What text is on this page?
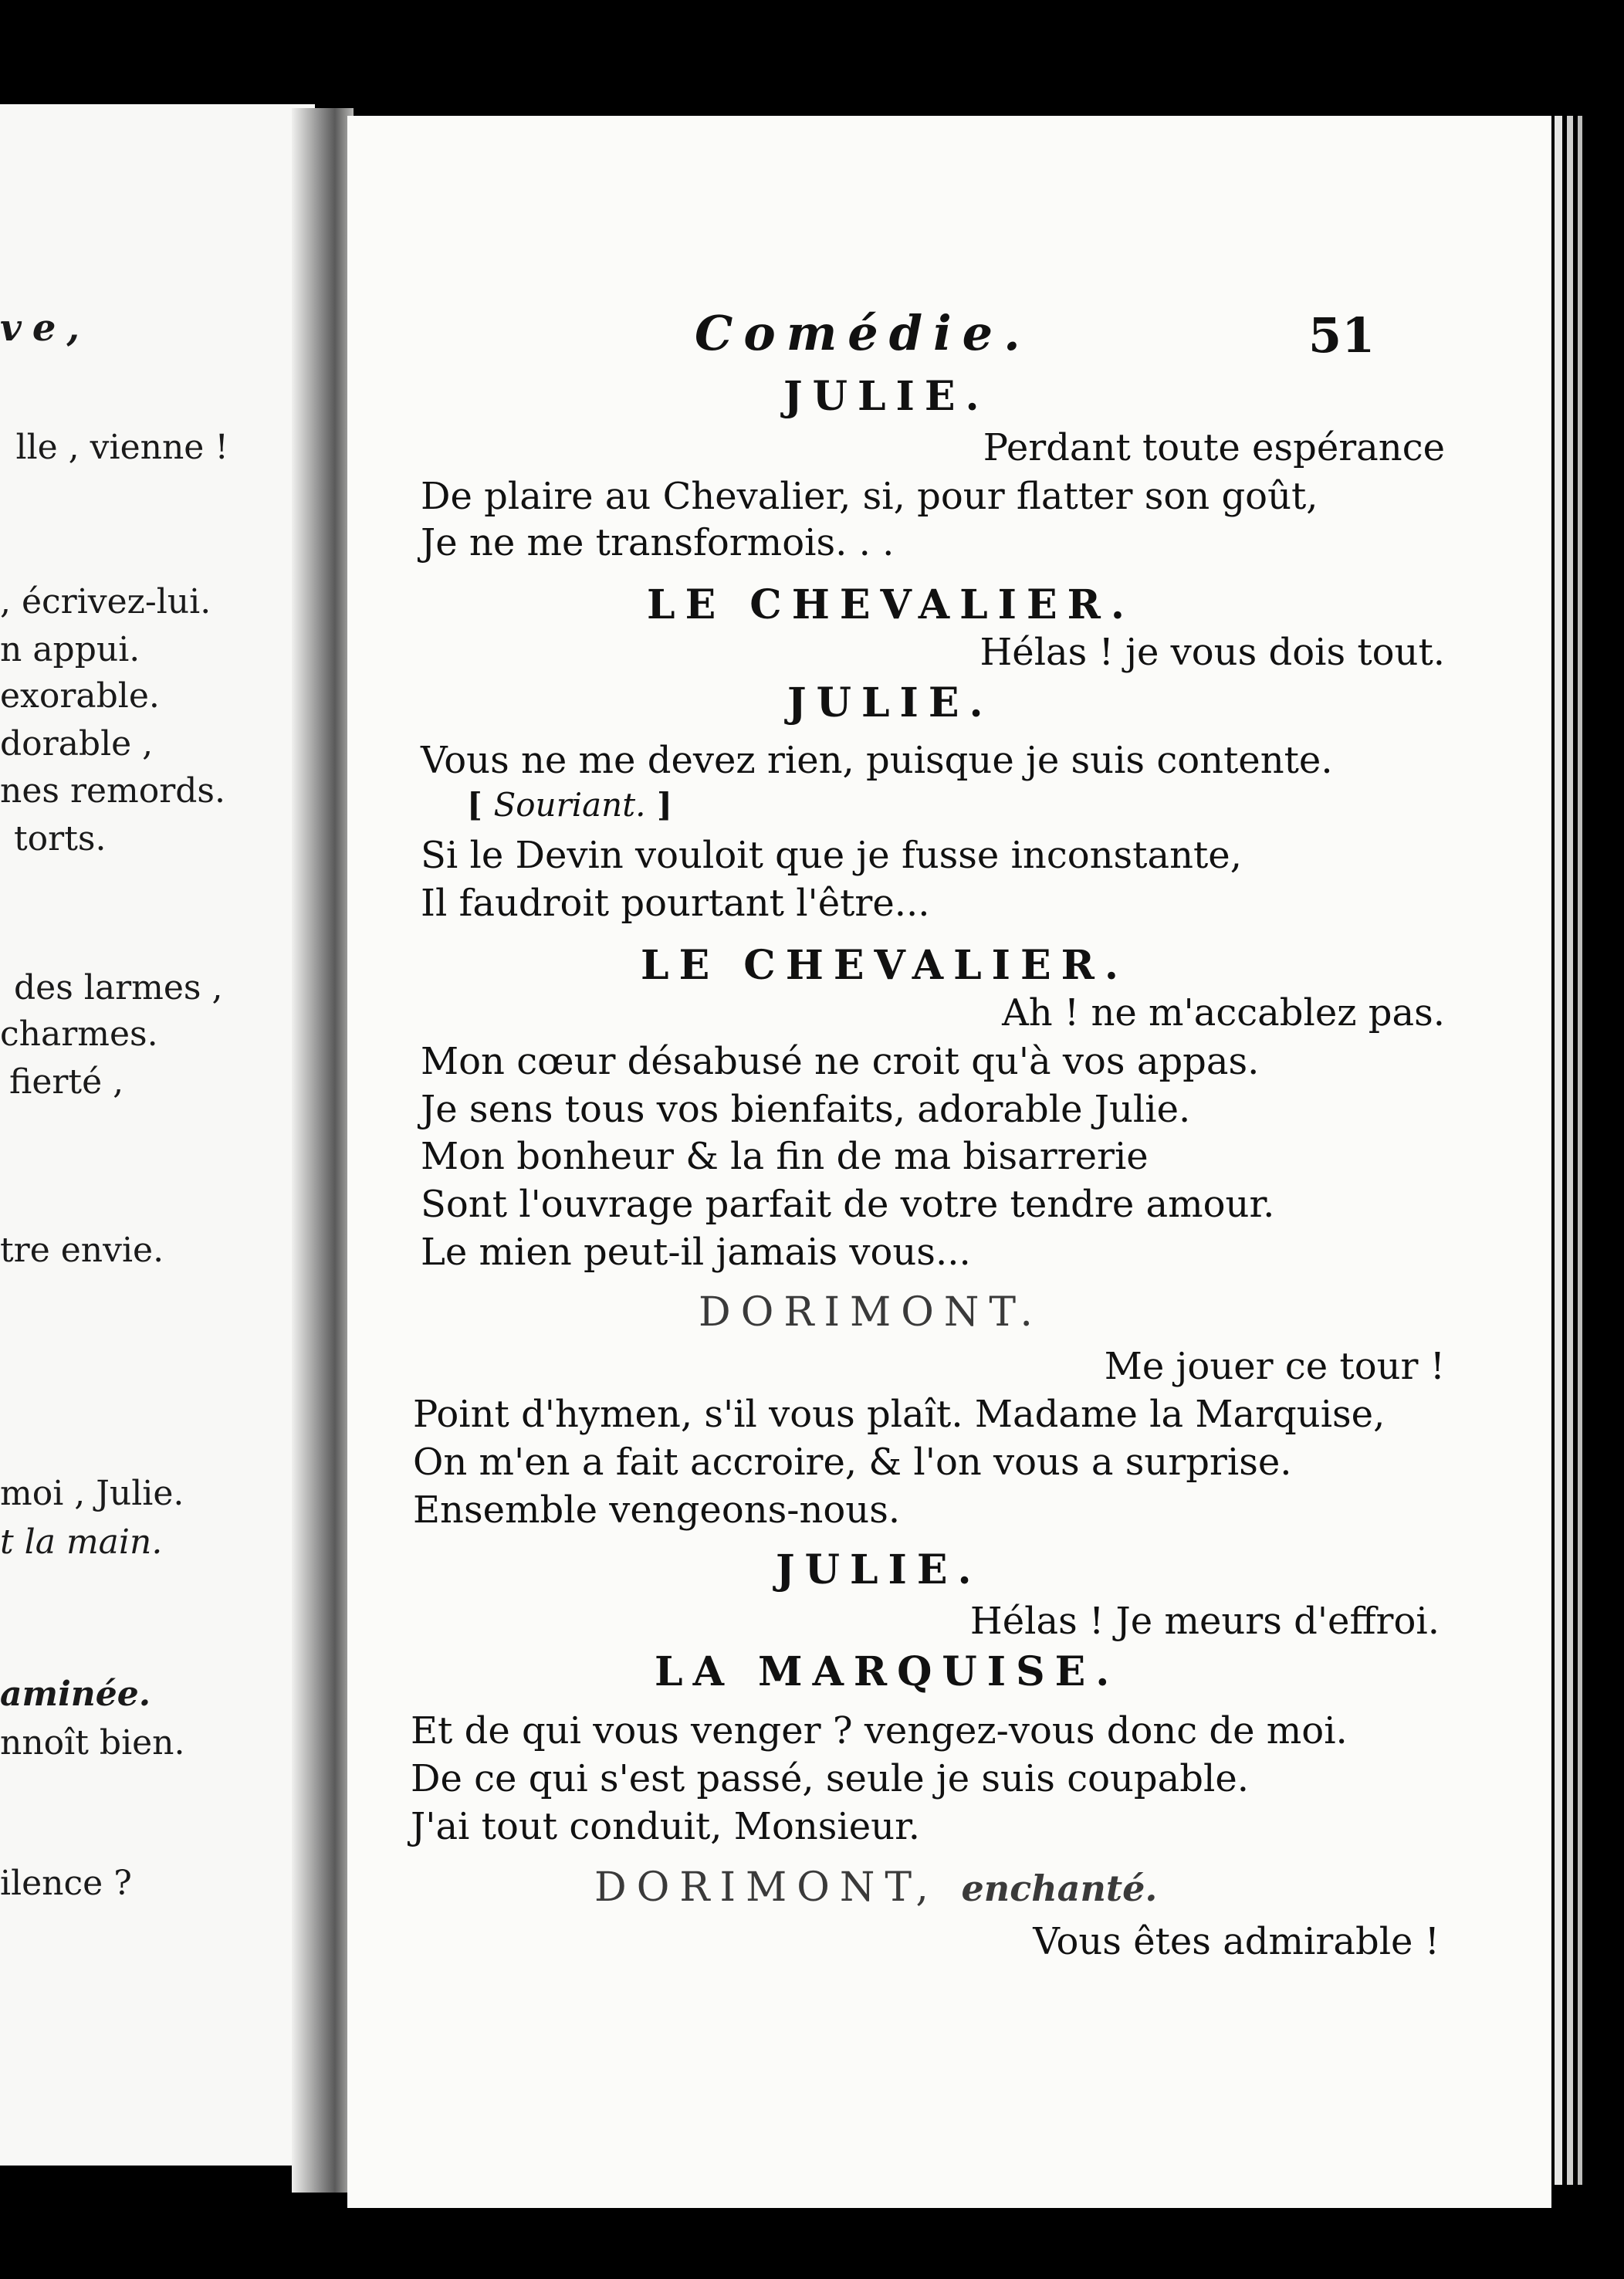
ve,
lle , vienne !
, écrivez-lui.
n appui.
exorable.
dorable ,
nes remords.
torts.
des larmes ,
charmes.
fierté ,
tre envie.
moi , Julie.
t la main.
aminée.
nnoît bien.
ilence ?
Comédie.	51
JULIE.
Perdant toute espérance
De plaire au Chevalier, si, pour flatter son goût,
Je ne me transformois. . .
LE CHEVALIER.
Hélas ! je vous dois tout.
JULIE.
Vous ne me devez rien, puisque je suis contente.
[ Souriant. ]
Si le Devin vouloit que je fusse inconstante,
Il faudroit pourtant l'être...
LE CHEVALIER.
Ah ! ne m'accablez pas.
Mon cœur désabusé ne croit qu'à vos appas.
Je sens tous vos bienfaits, adorable Julie.
Mon bonheur & la fin de ma bisarrerie
Sont l'ouvrage parfait de votre tendre amour.
Le mien peut-il jamais vous...
DORIMONT.
Me jouer ce tour !
Point d'hymen, s'il vous plaît. Madame la Marquise,
On m'en a fait accroire, & l'on vous a surprise.
Ensemble vengeons-nous.
JULIE.
Hélas ! Je meurs d'effroi.
LA MARQUISE.
Et de qui vous venger ? vengez-vous donc de moi.
De ce qui s'est passé, seule je suis coupable.
J'ai tout conduit, Monsieur.
DORIMONT, enchanté.
Vous êtes admirable !
